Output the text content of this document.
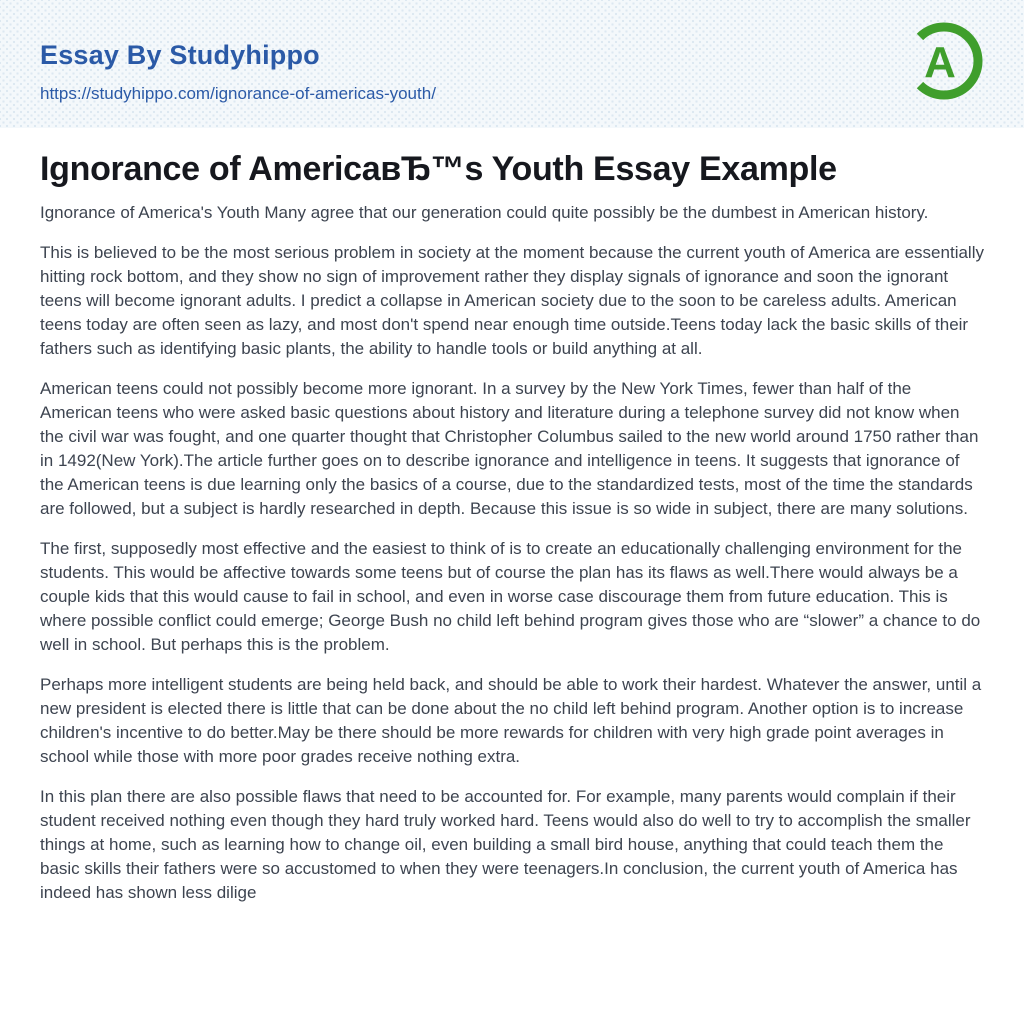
Essay By Studyhippo
https://studyhippo.com/ignorance-of-americas-youth/
A
Ignorance of AmericaвЂ™s Youth Essay Example

Ignorance of America's Youth Many agree that our generation could quite possibly be the dumbest in American history.

This is believed to be the most serious problem in society at the moment because the current youth of America are essentially hitting rock bottom, and they show no sign of improvement rather they display signals of ignorance and soon the ignorant teens will become ignorant adults. I predict a collapse in American society due to the soon to be careless adults. American teens today are often seen as lazy, and most don't spend near enough time outside.Teens today lack the basic skills of their fathers such as identifying basic plants, the ability to handle tools or build anything at all.

American teens could not possibly become more ignorant. In a survey by the New York Times, fewer than half of the American teens who were asked basic questions about history and literature during a telephone survey did not know when the civil war was fought, and one quarter thought that Christopher Columbus sailed to the new world around 1750 rather than in 1492(New York).The article further goes on to describe ignorance and intelligence in teens. It suggests that ignorance of the American teens is due learning only the basics of a course, due to the standardized tests, most of the time the standards are followed, but a subject is hardly researched in depth. Because this issue is so wide in subject, there are many solutions.

The first, supposedly most effective and the easiest to think of is to create an educationally challenging environment for the students. This would be affective towards some teens but of course the plan has its flaws as well.There would always be a couple kids that this would cause to fail in school, and even in worse case discourage them from future education. This is where possible conflict could emerge; George Bush no child left behind program gives those who are “slower” a chance to do well in school. But perhaps this is the problem.

Perhaps more intelligent students are being held back, and should be able to work their hardest. Whatever the answer, until a new president is elected there is little that can be done about the no child left behind program. Another option is to increase children's incentive to do better.May be there should be more rewards for children with very high grade point averages in school while those with more poor grades receive nothing extra.

In this plan there are also possible flaws that need to be accounted for. For example, many parents would complain if their student received nothing even though they hard truly worked hard. Teens would also do well to try to accomplish the smaller things at home, such as learning how to change oil, even building a small bird house, anything that could teach them the basic skills their fathers were so accustomed to when they were teenagers.In conclusion, the current youth of America has indeed has shown less dilige
